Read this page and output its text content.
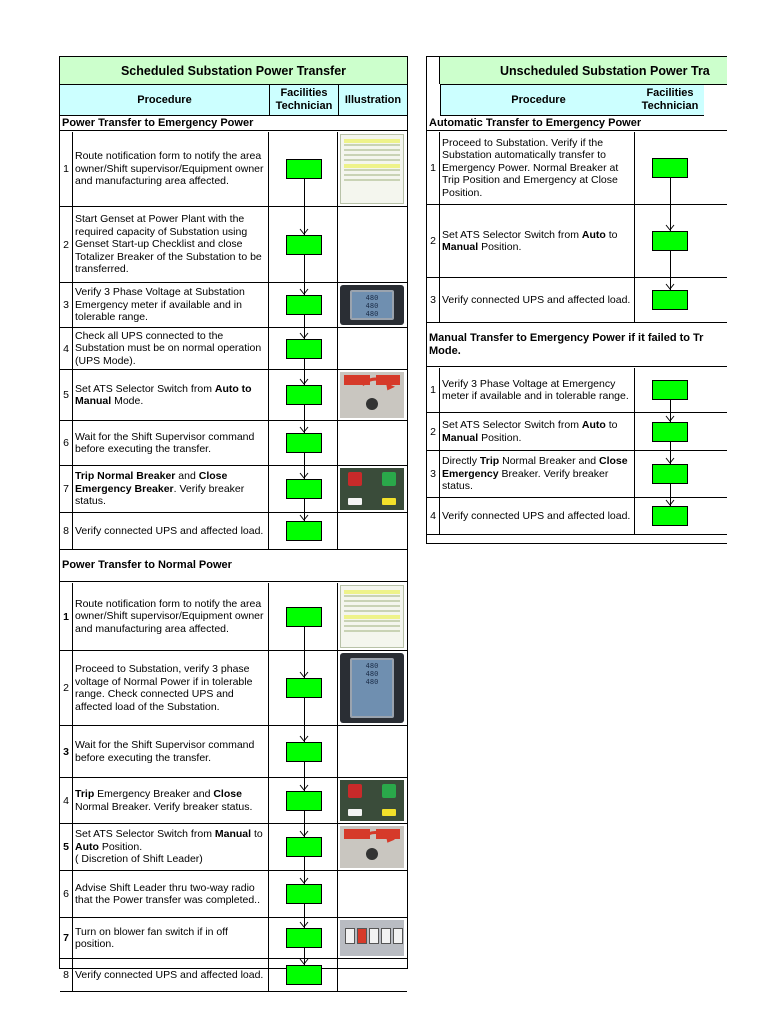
Scheduled Substation Power Transfer
Procedure
Facilities Technician
Illustration
Power Transfer to Emergency Power
1
Route notification form to notify the area owner/Shift supervisor/Equipment owner and manufacturing area affected.
2
Start Genset at Power Plant with the required capacity of Substation using Genset Start-up Checklist and close Totalizer Breaker of the Substation to be transferred.
3
Verify 3 Phase Voltage at Substation Emergency meter if available and in tolerable range.
480
480
480
4
Check all UPS connected to the Substation must be on normal operation (UPS Mode).
5
Set ATS Selector Switch from Auto to Manual Mode.
6
Wait for the Shift Supervisor command before executing the transfer.
7
Trip Normal Breaker and Close Emergency Breaker. Verify breaker status.
8 Verify connected UPS and affected load.
Power Transfer to Normal Power
1
Route notification form to notify the area owner/Shift supervisor/Equipment owner and manufacturing area affected.
2
Proceed to Substation, verify 3 phase voltage of Normal Power if in tolerable range. Check connected UPS and affected load of the Substation.
480
480
480
3
Wait for the Shift Supervisor command before executing the transfer.
4
Trip Emergency Breaker and Close Normal Breaker. Verify breaker status.
5
Set ATS Selector Switch from Manual to Auto Position.
( Discretion of Shift Leader)
6
Advise Shift Leader thru two-way radio that the Power transfer was completed..
7
Turn on blower fan switch if in off position.
8 Verify connected UPS and affected load.
Unscheduled Substation Power Tra
Procedure
Facilities Technician
Automatic Transfer to Emergency Power
1
Proceed to Substation. Verify if the Substation automatically transfer to Emergency Power. Normal Breaker at Trip Position and Emergency at Close Position.
2
Set ATS Selector Switch from Auto to Manual Position.
3 Verify connected UPS and affected load.
Manual Transfer to Emergency Power if it failed to Tr
Mode.
1
Verify 3 Phase Voltage at Emergency meter if available and in tolerable range.
2
Set ATS Selector Switch from Auto to Manual Position.
3
Directly Trip Normal Breaker and Close Emergency Breaker. Verify breaker status.
4 Verify connected UPS and affected load.
